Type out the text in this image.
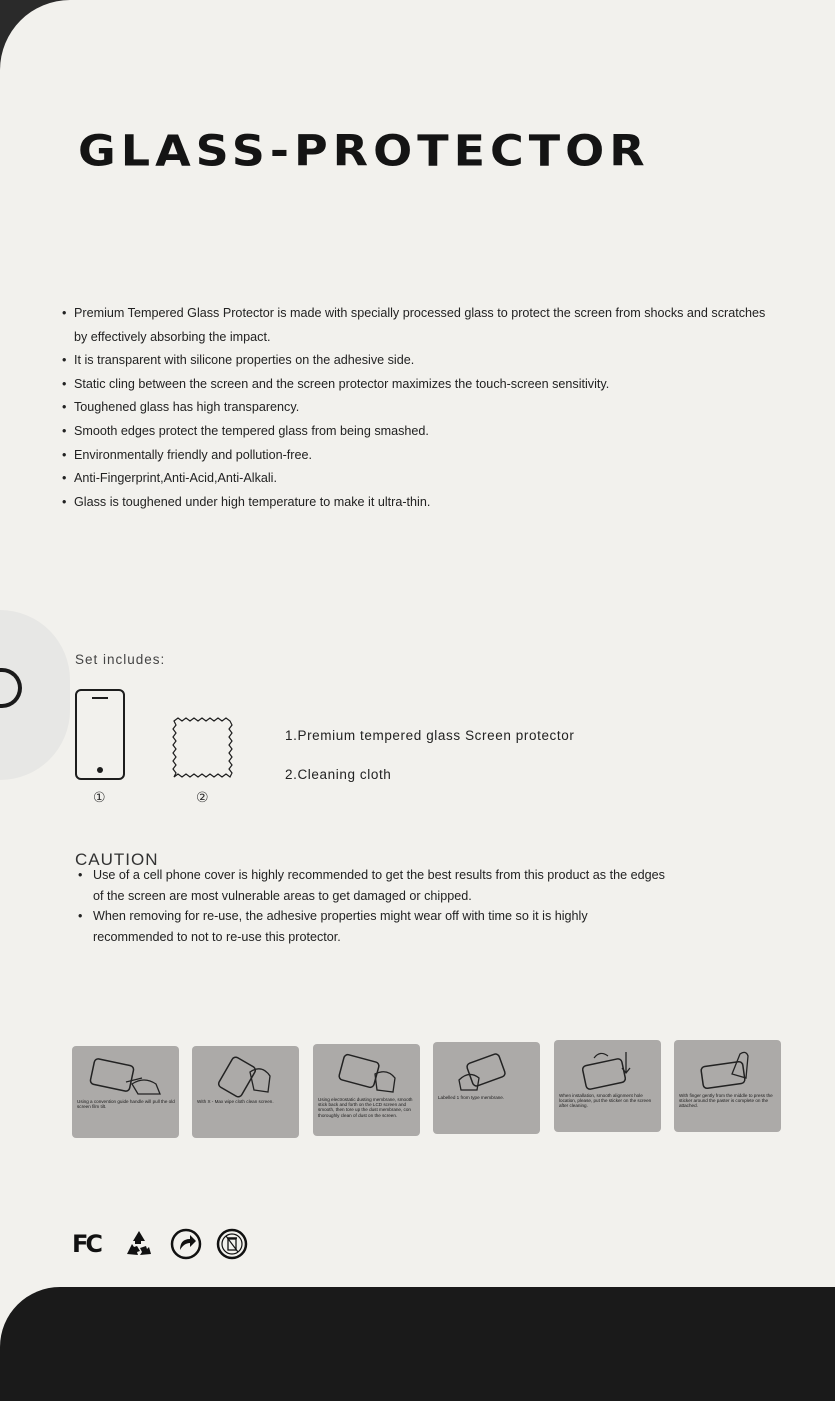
GLASS-PROTECTOR
• Premium Tempered Glass Protector is made with specially processed glass to protect the screen from shocks and scratches by effectively absorbing the impact.
• It is transparent with silicone properties on the adhesive side.
• Static cling between the screen and the screen protector maximizes the touch-screen sensitivity.
• Toughened glass has high transparency.
• Smooth edges protect the tempered glass from being smashed.
• Environmentally friendly and pollution-free.
• Anti-Fingerprint,Anti-Acid,Anti-Alkali.
• Glass is toughened under high temperature to make it ultra-thin.
Set includes:
①	②
1.Premium tempered glass Screen protector
2.Cleaning cloth
CAUTION
• Use of a cell phone cover is highly recommended to get the best results from this product as the edges of the screen are most vulnerable areas to get damaged or chipped.
• When removing for re-use, the adhesive properties might wear off with time so it is highly recommended to not to re-use this protector.
Using a convention guide handle will pull the old screen film tilt.
With X - Max wipe cloth clean screen.	Using electrostatic dusting membrane, smooth stick back and forth on the LCD screen and smooth, then tore up the dust membrane, con thoroughly clean of dust on the screen.
Labelled 1 from type membrane.	When installation, smooth alignment hole location, please, put the sticker on the screen after cleaning.
With finger gently from the middle to press the sticker around the paster is complete on the attached.
FC
